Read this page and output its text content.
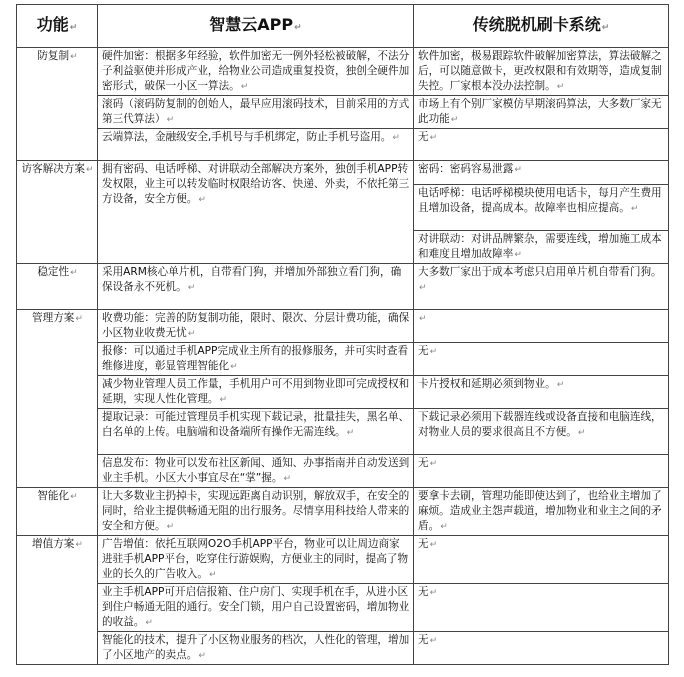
功能↵	智慧云APP↵	传统脱机刷卡系统↵
防复制↵	硬件加密：根据多年经验，软件加密无一例外轻松被破解，不法分子利益驱使并形成产业，给物业公司造成重复投资，独创全硬件加密形式，破保一小区一算法。↵	软件加密，极易跟踪软件破解加密算法，算法破解之后，可以随意做卡，更改权限和有效期等，造成复制失控。厂家根本没办法控制。↵
	滚码（滚码防复制的创始人，最早应用滚码技术，目前采用的方式第三代算法）↵	市场上有个别厂家模仿早期滚码算法，大多数厂家无此功能↵
	云端算法，金融级安全,手机号与手机绑定，防止手机号盗用。↵	无↵
访客解决方案↵	拥有密码、电话呼梯、对讲联动全部解决方案外，独创手机APP转发权限，业主可以转发临时权限给访客、快递、外卖，不依托第三方设备，安全方便。↵	密码：密码容易泄露↵
		电话呼梯：电话呼梯模块使用电话卡，每月产生费用且增加设备，提高成本。故障率也相应提高。↵
		对讲联动：对讲品牌繁杂，需要连线，增加施工成本和难度且增加故障率↵
稳定性↵	采用ARM核心单片机，自带看门狗，并增加外部独立看门狗，确保设备永不死机。↵	大多数厂家出于成本考虑只启用单片机自带看门狗。↵
管理方案↵	收费功能：完善的防复制功能，限时、限次、分层计费功能，确保小区物业收费无忧↵	↵
	报修：可以通过手机APP完成业主所有的报修服务，并可实时查看维修进度，彰显管理智能化↵	无↵
	减少物业管理人员工作量，手机用户可不用到物业即可完成授权和延期，实现人性化管理。↵	卡片授权和延期必须到物业。↵
	提取记录：可能过管理员手机实现下载记录，批量挂失，黑名单、白名单的上传。电脑端和设备端所有操作无需连线。↵	下载记录必须用下载器连线或设备直接和电脑连线，对物业人员的要求很高且不方便。↵
	信息发布：物业可以发布社区新闻、通知、办事指南并自动发送到业主手机。小区大小事宜尽在“掌”握。↵	无↵
智能化↵	让大多数业主扔掉卡，实现远距离自动识别，解放双手，在安全的同时，给业主提供畅通无阻的出行服务。尽情享用科技给人带来的安全和方便。↵	要拿卡去刷，管理功能即使达到了，也给业主增加了麻烦。造成业主怨声载道，增加物业和业主之间的矛盾。↵
增值方案↵	广告增值：依托互联网O2O手机APP平台，物业可以让周边商家进驻手机APP平台，吃穿住行游娱购，方便业主的同时，提高了物业的长久的广告收入。↵	无↵
	业主手机APP可开启信报箱、住户房门、实现手机在手，从进小区到住户畅通无阻的通行。安全门锁，用户自己设置密码，增加物业的收益。↵	无↵
	智能化的技术，提升了小区物业服务的档次，人性化的管理，增加了小区地产的卖点。↵	无↵
